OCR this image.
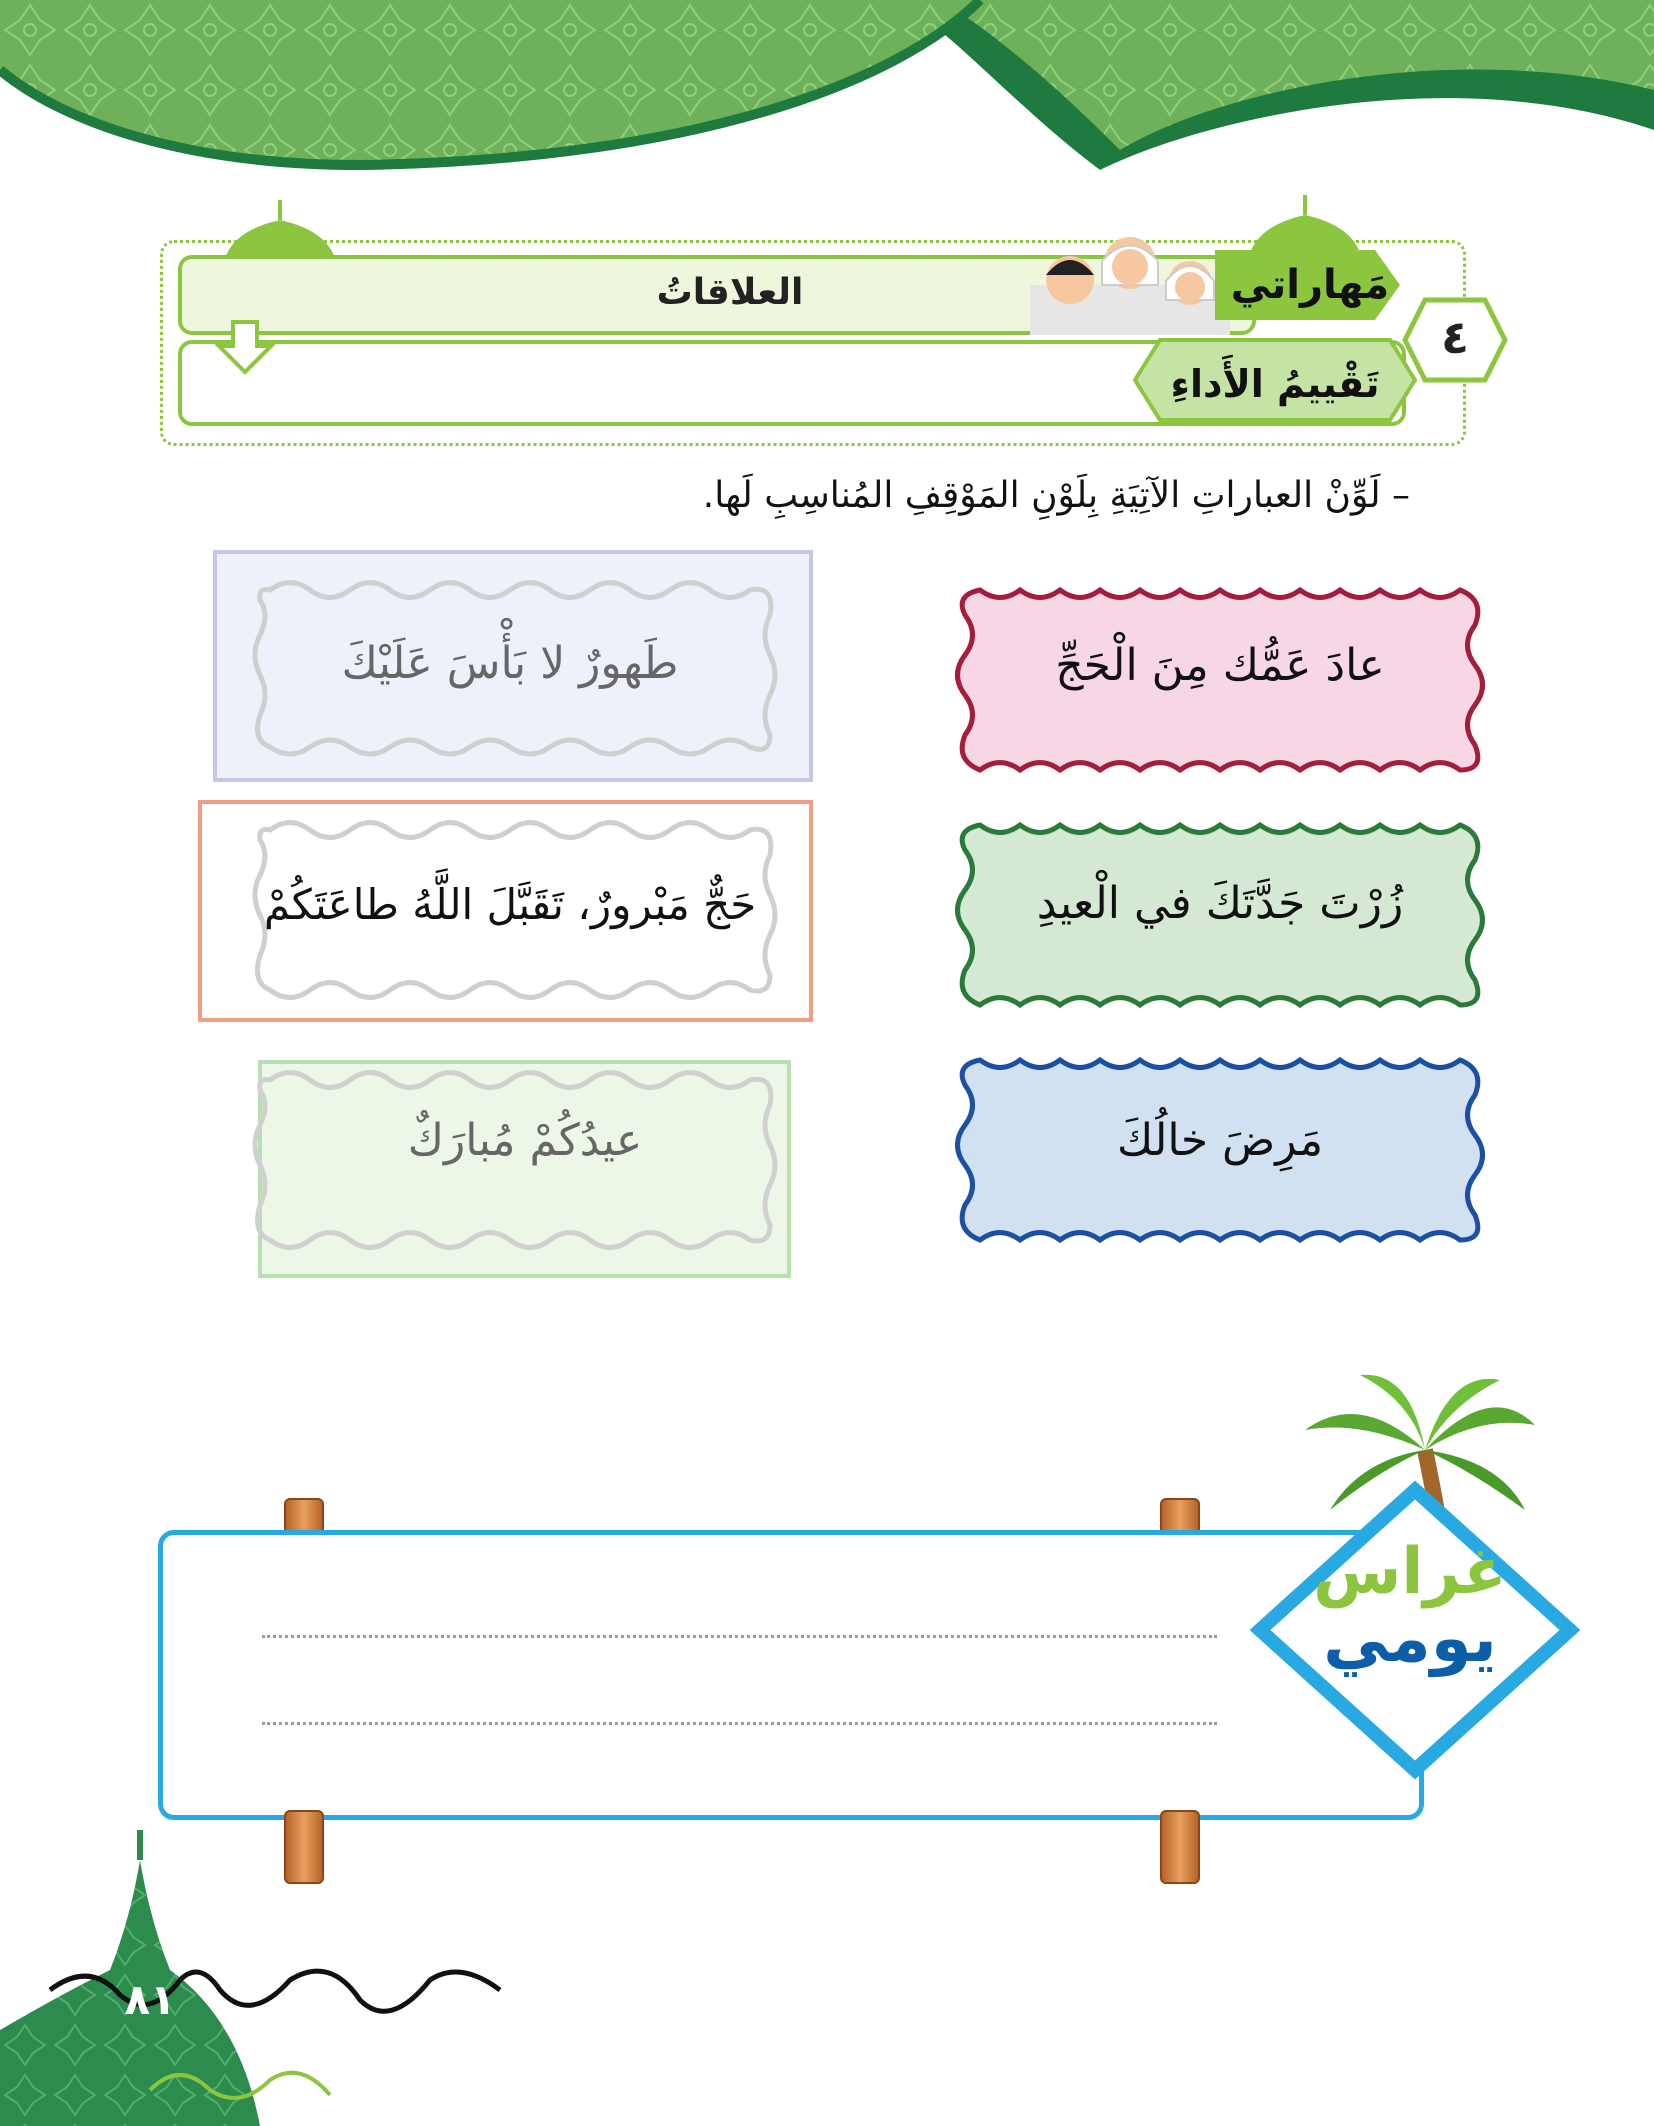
العلاقاتُ	مَهاراتي
تَقْييمُ الأَداءِ
٤
– لَوِّنْ العباراتِ الآتِيَةِ بِلَوْنِ المَوْقِفِ المُناسِبِ لَها.
عادَ عَمُّك مِنَ الْحَجِّ
زُرْتَ جَدَّتَكَ في الْعيدِ
مَرِضَ خالُكَ
طَهورٌ لا بَأْسَ عَلَيْكَ
حَجٌّ مَبْرورٌ، تَقَبَّلَ اللَّهُ طاعَتَكُمْ
عيدُكُمْ مُبارَكٌ
غراس
يومي
٨١
